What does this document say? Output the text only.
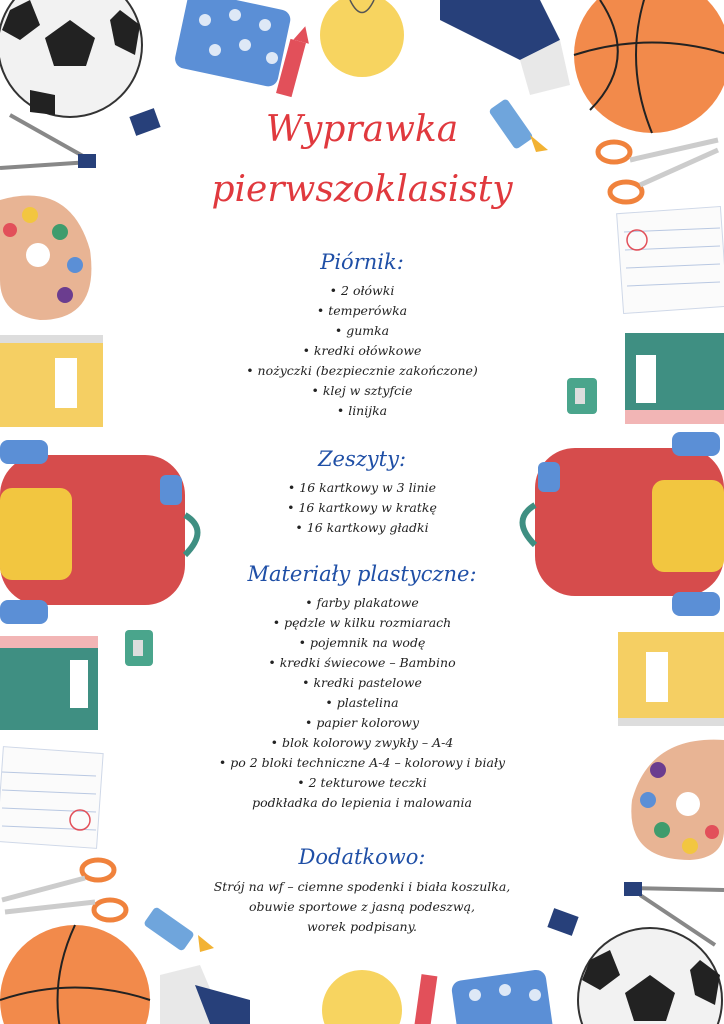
Wyprawka
pierwszoklasisty
Piórnik:
• 2 ołówki
• temperówka
• gumka
• kredki ołówkowe
• nożyczki (bezpiecznie zakończone)
• klej w sztyfcie
• linijka
Zeszyty:
• 16 kartkowy w 3 linie
• 16 kartkowy w kratkę
• 16 kartkowy gładki
Materiały plastyczne:
• farby plakatowe
• pędzle w kilku rozmiarach
• pojemnik na wodę
• kredki świecowe – Bambino
• kredki pastelowe
• plastelina
• papier kolorowy
• blok kolorowy zwykły – A-4
• po 2 bloki techniczne A-4 – kolorowy i biały
• 2 tekturowe teczki
podkładka do lepienia i malowania
Dodatkowo:
Strój na wf – ciemne spodenki i biała koszulka,
obuwie sportowe z jasną podeszwą,
worek podpisany.
